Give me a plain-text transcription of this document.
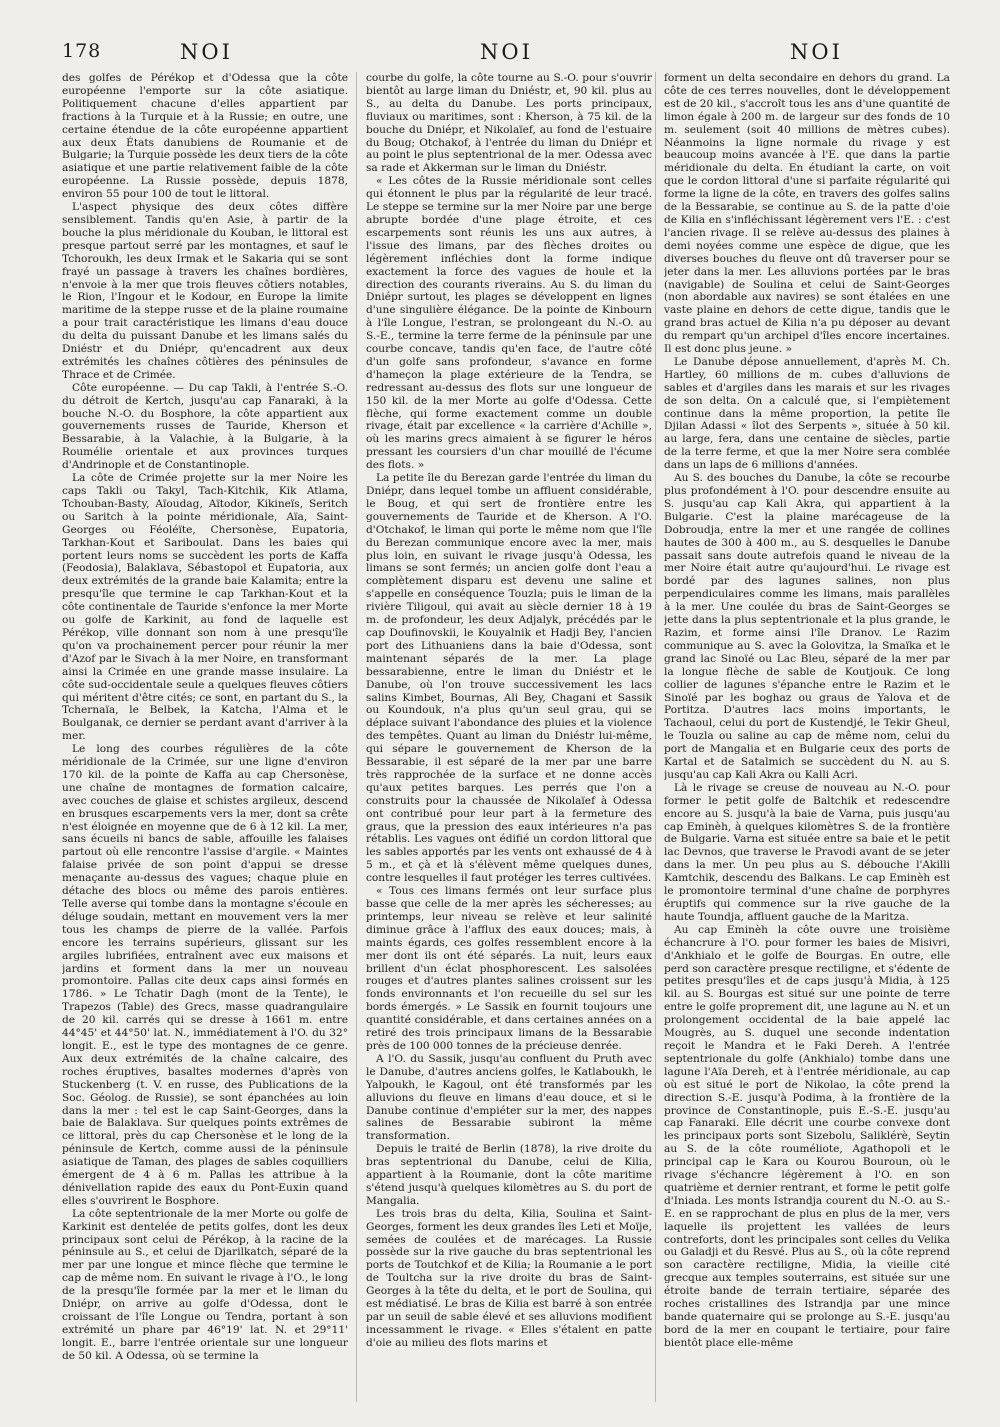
178	NOI	NOI	NOI

des golfes de Pérékop et d'Odessa que la côte européenne l'emporte sur la côte asiatique. Politiquement chacune d'elles appartient par fractions à la Turquie et à la Russie; en outre, une certaine étendue de la côte européenne appartient aux deux États danubiens de Roumanie et de Bulgarie; la Turquie possède les deux tiers de la côte asiatique et une partie relativement faible de la côte européenne. La Russie possède, depuis 1878, environ 55 pour 100 de tout le littoral.

L'aspect physique des deux côtes diffère sensiblement. Tandis qu'en Asie, à partir de la bouche la plus méridionale du Kouban, le littoral est presque partout serré par les montagnes, et sauf le Tchoroukh, les deux Irmak et le Sakaria qui se sont frayé un passage à travers les chaînes bordières, n'envoie à la mer que trois fleuves côtiers notables, le Rion, l'Ingour et le Kodour, en Europe la limite maritime de la steppe russe et de la plaine roumaine a pour trait caractéristique les limans d'eau douce du delta du puissant Danube et les limans salés du Dniéstr et du Dniépr, qu'encadrent aux deux extrémités les chaînes côtières des péninsules de Thrace et de Crimée.

Côte européenne. — Du cap Takli, à l'entrée S.-O. du détroit de Kertch, jusqu'au cap Fanaraki, à la bouche N.-O. du Bosphore, la côte appartient aux gouvernements russes de Tauride, Kherson et Bessarabie, à la Valachie, à la Bulgarie, à la Roumélie orientale et aux provinces turques d'Andrinople et de Constantinople.

La côte de Crimée projette sur la mer Noire les caps Takli ou Takyl, Tach-Kitchik, Kik Atlama, Tchouban-Basty, Aïoudag, Aïtodor, Kikineïs, Seritch ou Saritch à la pointe méridionale, Aïa, Saint-Georges ou Féoléïte, Chersonèse, Eupatoria, Tarkhan-Kout et Sariboulat. Dans les baies qui portent leurs noms se succèdent les ports de Kaffa (Feodosia), Balaklava, Sébastopol et Eupatoria, aux deux extrémités de la grande baie Kalamita; entre la presqu'île que termine le cap Tarkhan-Kout et la côte continentale de Tauride s'enfonce la mer Morte ou golfe de Karkinit, au fond de laquelle est Pérékop, ville donnant son nom à une presqu'île qu'on va prochainement percer pour réunir la mer d'Azof par le Sivach à la mer Noire, en transformant ainsi la Crimée en une grande masse insulaire. La côte sud-occidentale seule a quelques fleuves côtiers qui méritent d'être cités; ce sont, en partant du S., la Tchernaïa, le Belbek, la Katcha, l'Alma et le Boulganak, ce dernier se perdant avant d'arriver à la mer.

Le long des courbes régulières de la côte méridionale de la Crimée, sur une ligne d'environ 170 kil. de la pointe de Kaffa au cap Chersonèse, une chaîne de montagnes de formation calcaire, avec couches de glaise et schistes argileux, descend en brusques escarpements vers la mer, dont sa crête n'est éloignée en moyenne que de 6 à 12 kil. La mer, sans écueils ni bancs de sable, affouille les falaises partout où elle rencontre l'assise d'argile. « Maintes falaise privée de son point d'appui se dresse menaçante au-dessus des vagues; chaque pluie en détache des blocs ou même des parois entières. Telle averse qui tombe dans la montagne s'écoule en déluge soudain, mettant en mouvement vers la mer tous les champs de pierre de la vallée. Parfois encore les terrains supérieurs, glissant sur les argiles lubrifiées, entraînent avec eux maisons et jardins et forment dans la mer un nouveau promontoire. Pallas cite deux caps ainsi formés en 1786. » Le Tchatir Dagh (mont de la Tente), le Trapezos (Table) des Grecs, masse quadrangulaire de 20 kil. carrés qui se dresse à 1661 m. entre 44°45' et 44°50' lat. N., immédiatement à l'O. du 32° longit. E., est le type des montagnes de ce genre. Aux deux extrémités de la chaîne calcaire, des roches éruptives, basaltes modernes d'après von Stuckenberg (t. V. en russe, des Publications de la Soc. Géolog. de Russie), se sont épanchées au loin dans la mer : tel est le cap Saint-Georges, dans la baie de Balaklava. Sur quelques points extrêmes de ce littoral, près du cap Chersonèse et le long de la péninsule de Kertch, comme aussi de la péninsule asiatique de Taman, des plages de sables coquilliers émergent de 4 à 6 m. Pallas les attribue à la dénivellation rapide des eaux du Pont-Euxin quand elles s'ouvrirent le Bosphore.

La côte septentrionale de la mer Morte ou golfe de Karkinit est dentelée de petits golfes, dont les deux principaux sont celui de Pérékop, à la racine de la péninsule au S., et celui de Djarilkatch, séparé de la mer par une longue et mince flèche que termine le cap de même nom. En suivant le rivage à l'O., le long de la presqu'île formée par la mer et le liman du Dniépr, on arrive au golfe d'Odessa, dont le croissant de l'île Longue ou Tendra, portant à son extrémité un phare par 46°19' lat. N. et 29°11' longit. E., barre l'entrée orientale sur une longueur de 50 kil. A Odessa, où se termine la

courbe du golfe, la côte tourne au S.-O. pour s'ouvrir bientôt au large liman du Dniéstr, et, 90 kil. plus au S., au delta du Danube. Les ports principaux, fluviaux ou maritimes, sont : Kherson, à 75 kil. de la bouche du Dniépr, et Nikolaïef, au fond de l'estuaire du Boug; Otchakof, à l'entrée du liman du Dniépr et au point le plus septentrional de la mer. Odessa avec sa rade et Akkerman sur le liman du Dniéstr.

« Les côtes de la Russie méridionale sont celles qui étonnent le plus par la régularité de leur tracé. Le steppe se termine sur la mer Noire par une berge abrupte bordée d'une plage étroite, et ces escarpements sont réunis les uns aux autres, à l'issue des limans, par des flèches droites ou légèrement infléchies dont la forme indique exactement la force des vagues de houle et la direction des courants riverains. Au S. du liman du Dniépr surtout, les plages se développent en lignes d'une singulière élégance. De la pointe de Kinbourn à l'île Longue, l'estran, se prolongeant du N.-O. au S.-E., termine la terre ferme de la péninsule par une courbe concave, tandis qu'en face, de l'autre côté d'un golfe sans profondeur, s'avance en forme d'hameçon la plage extérieure de la Tendra, se redressant au-dessus des flots sur une longueur de 150 kil. de la mer Morte au golfe d'Odessa. Cette flèche, qui forme exactement comme un double rivage, était par excellence « la carrière d'Achille », où les marins grecs aimaient à se figurer le héros pressant les coursiers d'un char mouillé de l'écume des flots. »

La petite île du Berezan garde l'entrée du liman du Dniépr, dans lequel tombe un affluent considérable, le Boug, et qui sert de frontière entre les gouvernements de Tauride et de Kherson. A l'O. d'Otchakof, le liman qui porte le même nom que l'île du Berezan communique encore avec la mer, mais plus loin, en suivant le rivage jusqu'à Odessa, les limans se sont fermés; un ancien golfe dont l'eau a complètement disparu est devenu une saline et s'appelle en conséquence Touzla; puis le liman de la rivière Tiligoul, qui avait au siècle dernier 18 à 19 m. de profondeur, les deux Adjalyk, précédés par le cap Doufinovskii, le Kouyalnik et Hadji Bey, l'ancien port des Lithuaniens dans la baie d'Odessa, sont maintenant séparés de la mer. La plage bessarabienne, entre le liman du Dniéstr et le Danube, où l'on trouve successivement les lacs salins Kimbet, Bournas, Ali Bey, Chagani et Sassik ou Koundouk, n'a plus qu'un seul grau, qui se déplace suivant l'abondance des pluies et la violence des tempêtes. Quant au liman du Dniéstr lui-même, qui sépare le gouvernement de Kherson de la Bessarabie, il est séparé de la mer par une barre très rapprochée de la surface et ne donne accès qu'aux petites barques. Les perrés que l'on a construits pour la chaussée de Nikolaïef à Odessa ont contribué pour leur part à la fermeture des graus, que la pression des eaux intérieures n'a pas rétablis. Les vagues ont édifié un cordon littoral que les sables apportés par les vents ont exhaussé de 4 à 5 m., et çà et là s'élèvent même quelques dunes, contre lesquelles il faut protéger les terres cultivées.

« Tous ces limans fermés ont leur surface plus basse que celle de la mer après les sécheresses; au printemps, leur niveau se relève et leur salinité diminue grâce à l'afflux des eaux douces; mais, à maints égards, ces golfes ressemblent encore à la mer dont ils ont été séparés. La nuit, leurs eaux brillent d'un éclat phosphorescent. Les salsolées rouges et d'autres plantes salines croissent sur les fonds environnants et l'on recueille du sel sur les bords émergés. » Le Sassik en fournit toujours une quantité considérable, et dans certaines années on a retiré des trois principaux limans de la Bessarabie près de 100 000 tonnes de la précieuse denrée.

A l'O. du Sassik, jusqu'au confluent du Pruth avec le Danube, d'autres anciens golfes, le Katlaboukh, le Yalpoukh, le Kagoul, ont été transformés par les alluvions du fleuve en limans d'eau douce, et si le Danube continue d'empiéter sur la mer, des nappes salines de Bessarabie subiront la même transformation.

Depuis le traité de Berlin (1878), la rive droite du bras septentrional du Danube, celui de Kilia, appartient à la Roumanie, dont la côte maritime s'étend jusqu'à quelques kilomètres au S. du port de Mangalia.

Les trois bras du delta, Kilia, Soulina et Saint-Georges, forment les deux grandes îles Leti et Moïje, semées de coulées et de marécages. La Russie possède sur la rive gauche du bras septentrional les ports de Toutchkof et de Kilia; la Roumanie a le port de Toultcha sur la rive droite du bras de Saint-Georges à la tête du delta, et le port de Soulina, qui est médiatisé. Le bras de Kilia est barré à son entrée par un seuil de sable élevé et ses alluvions modifient incessamment le rivage. « Elles s'étalent en patte d'oie au milieu des flots marins et

forment un delta secondaire en dehors du grand. La côte de ces terres nouvelles, dont le développement est de 20 kil., s'accroît tous les ans d'une quantité de limon égale à 200 m. de largeur sur des fonds de 10 m. seulement (soit 40 millions de mètres cubes). Néanmoins la ligne normale du rivage y est beaucoup moins avancée à l'E. que dans la partie méridionale du delta. En étudiant la carte, on voit que le cordon littoral d'une si parfaite régularité qui forme la ligne de la côte, en travers des golfes salins de la Bessarabie, se continue au S. de la patte d'oie de Kilia en s'infléchissant légèrement vers l'E. : c'est l'ancien rivage. Il se relève au-dessus des plaines à demi noyées comme une espèce de digue, que les diverses bouches du fleuve ont dû traverser pour se jeter dans la mer. Les alluvions portées par le bras (navigable) de Soulina et celui de Saint-Georges (non abordable aux navires) se sont étalées en une vaste plaine en dehors de cette digue, tandis que le grand bras actuel de Kilia n'a pu déposer au devant du rempart qu'un archipel d'îles encore incertaines. Il est donc plus jeune. »

Le Danube dépose annuellement, d'après M. Ch. Hartley, 60 millions de m. cubes d'alluvions de sables et d'argiles dans les marais et sur les rivages de son delta. On a calculé que, si l'empiètement continue dans la même proportion, la petite île Djilan Adassi « îlot des Serpents », située à 50 kil. au large, fera, dans une centaine de siècles, partie de la terre ferme, et que la mer Noire sera comblée dans un laps de 6 millions d'années.

Au S. des bouches du Danube, la côte se recourbe plus profondément à l'O. pour descendre ensuite au S. jusqu'au cap Kali Akra, qui appartient à la Bulgarie. C'est la plaine marécageuse de la Dobroudja, entre la mer et une rangée de collines hautes de 300 à 400 m., au S. desquelles le Danube passait sans doute autrefois quand le niveau de la mer Noire était autre qu'aujourd'hui. Le rivage est bordé par des lagunes salines, non plus perpendiculaires comme les limans, mais parallèles à la mer. Une coulée du bras de Saint-Georges se jette dans la plus septentrionale et la plus grande, le Razim, et forme ainsi l'île Dranov. Le Razim communique au S. avec la Golovitza, la Smaïka et le grand lac Sinoïé ou Lac Bleu, séparé de la mer par la longue flèche de sable de Koutjouk. Ce long collier de lagunes s'épanche entre le Razim et le Sinoïé par les boghaz ou graus de Yalova et de Portitza. D'autres lacs moins importants, le Tachaoul, celui du port de Kustendjé, le Tekir Gheul, le Touzla ou saline au cap de même nom, celui du port de Mangalia et en Bulgarie ceux des ports de Kartal et de Satalmich se succèdent du N. au S. jusqu'au cap Kali Akra ou Kalli Acri.

Là le rivage se creuse de nouveau au N.-O. pour former le petit golfe de Baltchik et redescendre encore au S. jusqu'à la baie de Varna, puis jusqu'au cap Eminèh, à quelques kilomètres S. de la frontière de Bulgarie. Varna est située entre sa baie et le petit lac Devnos, que traverse le Pravodi avant de se jeter dans la mer. Un peu plus au S. débouche l'Akilli Kamtchik, descendu des Balkans. Le cap Eminèh est le promontoire terminal d'une chaîne de porphyres éruptifs qui commence sur la rive gauche de la haute Toundja, affluent gauche de la Maritza.

Au cap Eminèh la côte ouvre une troisième échancrure à l'O. pour former les baies de Misivri, d'Ankhialo et le golfe de Bourgas. En outre, elle perd son caractère presque rectiligne, et s'édente de petites presqu'îles et de caps jusqu'à Midia, à 125 kil. au S. Bourgas est situé sur une pointe de terre entre le golfe proprement dit, une lagune au N. et un prolongement occidental de la baie appelé lac Mougrès, au S. duquel une seconde indentation reçoit le Mandra et le Faki Dereh. A l'entrée septentrionale du golfe (Ankhialo) tombe dans une lagune l'Aïa Dereh, et à l'entrée méridionale, au cap où est situé le port de Nikolao, la côte prend la direction S.-E. jusqu'à Podima, à la frontière de la province de Constantinople, puis E.-S.-E. jusqu'au cap Fanaraki. Elle décrit une courbe convexe dont les principaux ports sont Sizebolu, Saliklérè, Seytin au S. de la côte rouméliote, Agathopoli et le principal cap le Kara ou Kourou Bouroun, où le rivage s'échancre légèrement à l'O. en son quatrième et dernier rentrant, et forme le petit golfe d'Iniada. Les monts Istrandja courent du N.-O. au S.-E. en se rapprochant de plus en plus de la mer, vers laquelle ils projettent les vallées de leurs contreforts, dont les principales sont celles du Velika ou Galadji et du Resvé. Plus au S., où la côte reprend son caractère rectiligne, Midia, la vieille cité grecque aux temples souterrains, est située sur une étroite bande de terrain tertiaire, séparée des roches cristallines des Istrandja par une mince bande quaternaire qui se prolonge au S.-E. jusqu'au bord de la mer en coupant le tertiaire, pour faire bientôt place elle-même
